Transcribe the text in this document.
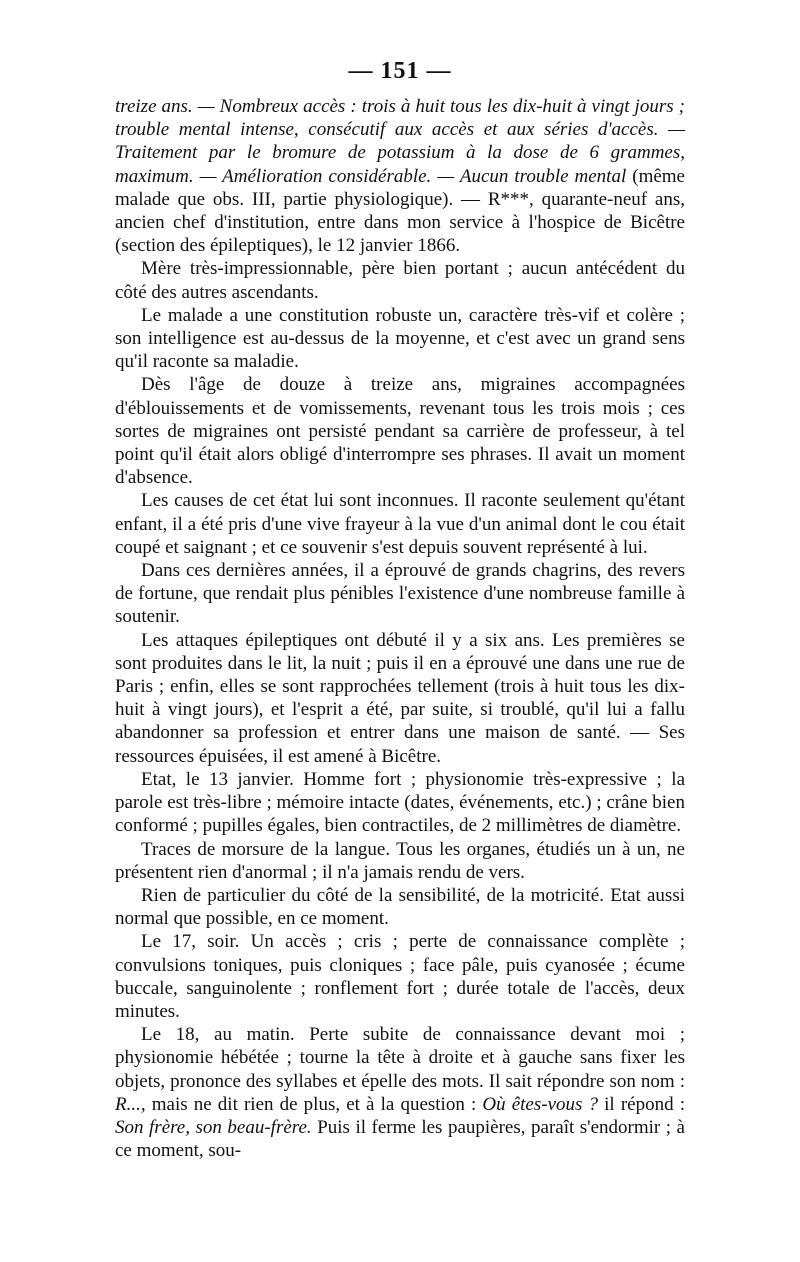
— 151 —

treize ans. — Nombreux accès : trois à huit tous les dix-huit à vingt jours ; trouble mental intense, consécutif aux accès et aux séries d'accès. — Traitement par le bromure de potassium à la dose de 6 grammes, maximum. — Amélioration considérable. — Aucun trouble mental (même malade que obs. III, partie physiologique). — R***, quarante-neuf ans, ancien chef d'institution, entre dans mon service à l'hospice de Bicêtre (section des épileptiques), le 12 janvier 1866.

Mère très-impressionnable, père bien portant ; aucun antécédent du côté des autres ascendants.

Le malade a une constitution robuste un, caractère très-vif et colère ; son intelligence est au-dessus de la moyenne, et c'est avec un grand sens qu'il raconte sa maladie.

Dès l'âge de douze à treize ans, migraines accompagnées d'éblouissements et de vomissements, revenant tous les trois mois ; ces sortes de migraines ont persisté pendant sa carrière de professeur, à tel point qu'il était alors obligé d'interrompre ses phrases. Il avait un moment d'absence.

Les causes de cet état lui sont inconnues. Il raconte seulement qu'étant enfant, il a été pris d'une vive frayeur à la vue d'un animal dont le cou était coupé et saignant ; et ce souvenir s'est depuis souvent représenté à lui.

Dans ces dernières années, il a éprouvé de grands chagrins, des revers de fortune, que rendait plus pénibles l'existence d'une nombreuse famille à soutenir.

Les attaques épileptiques ont débuté il y a six ans. Les premières se sont produites dans le lit, la nuit ; puis il en a éprouvé une dans une rue de Paris ; enfin, elles se sont rapprochées tellement (trois à huit tous les dix-huit à vingt jours), et l'esprit a été, par suite, si troublé, qu'il lui a fallu abandonner sa profession et entrer dans une maison de santé. — Ses ressources épuisées, il est amené à Bicêtre.

Etat, le 13 janvier. Homme fort ; physionomie très-expressive ; la parole est très-libre ; mémoire intacte (dates, événements, etc.) ; crâne bien conformé ; pupilles égales, bien contractiles, de 2 millimètres de diamètre.

Traces de morsure de la langue. Tous les organes, étudiés un à un, ne présentent rien d'anormal ; il n'a jamais rendu de vers.

Rien de particulier du côté de la sensibilité, de la motricité. Etat aussi normal que possible, en ce moment.

Le 17, soir. Un accès ; cris ; perte de connaissance complète ; convulsions toniques, puis cloniques ; face pâle, puis cyanosée ; écume buccale, sanguinolente ; ronflement fort ; durée totale de l'accès, deux minutes.

Le 18, au matin. Perte subite de connaissance devant moi ; physionomie hébétée ; tourne la tête à droite et à gauche sans fixer les objets, prononce des syllabes et épelle des mots. Il sait répondre son nom : R..., mais ne dit rien de plus, et à la question : Où êtes-vous ? il répond : Son frère, son beau-frère. Puis il ferme les paupières, paraît s'endormir ; à ce moment, sou-
